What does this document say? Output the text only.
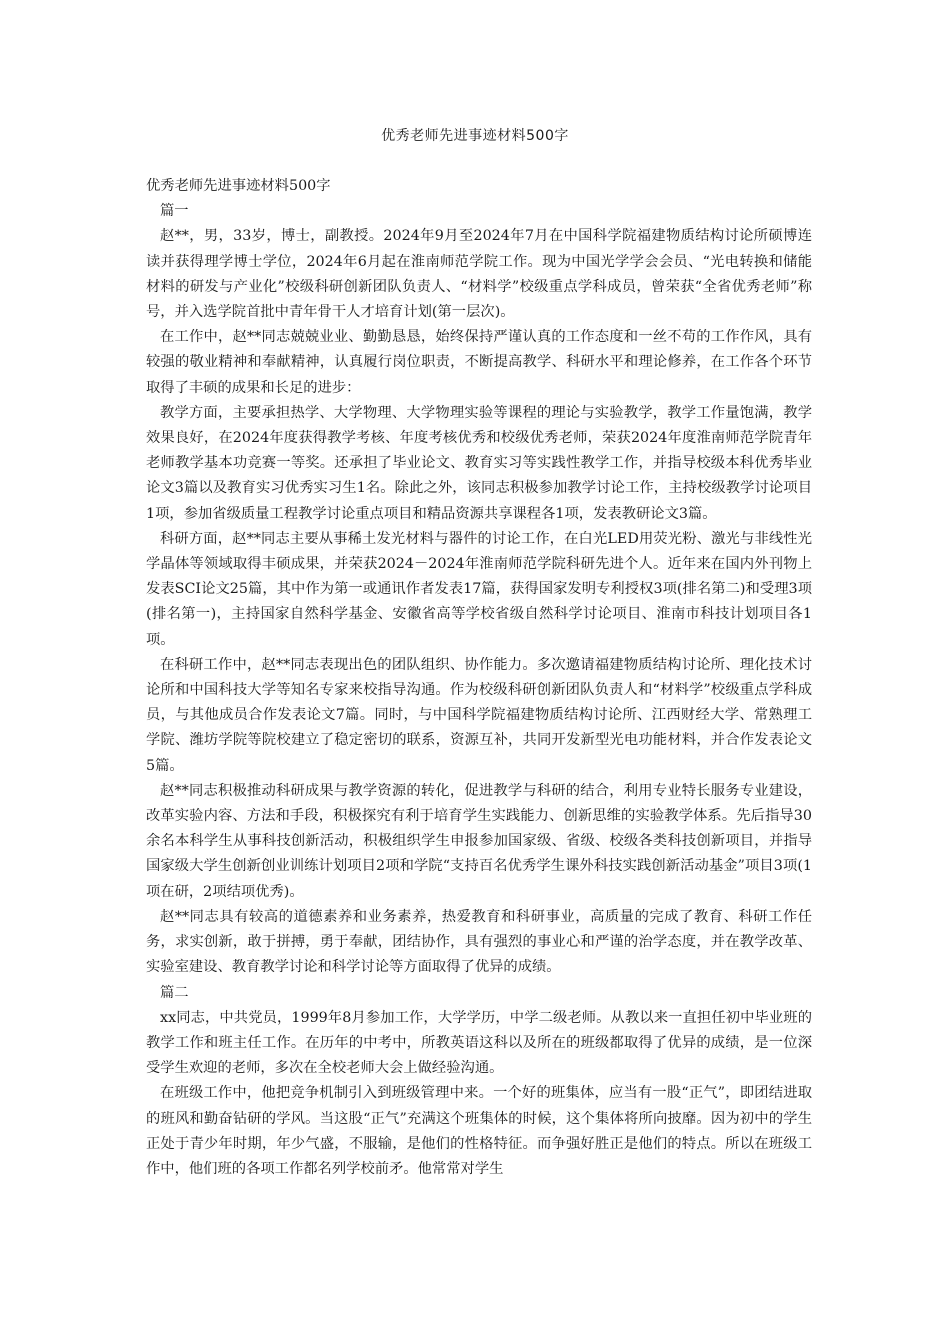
优秀老师先进事迹材料500字

优秀老师先进事迹材料500字

篇一

赵**，男，33岁，博士，副教授。2024年9月至2024年7月在中国科学院福建物质结构讨论所硕博连读并获得理学博士学位，2024年6月起在淮南师范学院工作。现为中国光学学会会员、“光电转换和储能材料的研发与产业化”校级科研创新团队负责人、“材料学”校级重点学科成员，曾荣获“全省优秀老师”称号，并入选学院首批中青年骨干人才培育计划(第一层次)。

在工作中，赵**同志兢兢业业、勤勤恳恳，始终保持严谨认真的工作态度和一丝不苟的工作作风，具有较强的敬业精神和奉献精神，认真履行岗位职责，不断提高教学、科研水平和理论修养，在工作各个环节取得了丰硕的成果和长足的进步：

教学方面，主要承担热学、大学物理、大学物理实验等课程的理论与实验教学，教学工作量饱满，教学效果良好，在2024年度获得教学考核、年度考核优秀和校级优秀老师，荣获2024年度淮南师范学院青年老师教学基本功竞赛一等奖。还承担了毕业论文、教育实习等实践性教学工作，并指导校级本科优秀毕业论文3篇以及教育实习优秀实习生1名。除此之外，该同志积极参加教学讨论工作，主持校级教学讨论项目1项，参加省级质量工程教学讨论重点项目和精品资源共享课程各1项，发表教研论文3篇。

科研方面，赵**同志主要从事稀土发光材料与器件的讨论工作，在白光LED用荧光粉、激光与非线性光学晶体等领域取得丰硕成果，并荣获2024－2024年淮南师范学院科研先进个人。近年来在国内外刊物上发表SCI论文25篇，其中作为第一或通讯作者发表17篇，获得国家发明专利授权3项(排名第二)和受理3项(排名第一)，主持国家自然科学基金、安徽省高等学校省级自然科学讨论项目、淮南市科技计划项目各1项。

在科研工作中，赵**同志表现出色的团队组织、协作能力。多次邀请福建物质结构讨论所、理化技术讨论所和中国科技大学等知名专家来校指导沟通。作为校级科研创新团队负责人和“材料学”校级重点学科成员，与其他成员合作发表论文7篇。同时，与中国科学院福建物质结构讨论所、江西财经大学、常熟理工学院、潍坊学院等院校建立了稳定密切的联系，资源互补，共同开发新型光电功能材料，并合作发表论文5篇。

赵**同志积极推动科研成果与教学资源的转化，促进教学与科研的结合，利用专业特长服务专业建设，改革实验内容、方法和手段，积极探究有利于培育学生实践能力、创新思维的实验教学体系。先后指导30余名本科学生从事科技创新活动，积极组织学生申报参加国家级、省级、校级各类科技创新项目，并指导国家级大学生创新创业训练计划项目2项和学院“支持百名优秀学生课外科技实践创新活动基金”项目3项(1项在研，2项结项优秀)。

赵**同志具有较高的道德素养和业务素养，热爱教育和科研事业，高质量的完成了教育、科研工作任务，求实创新，敢于拼搏，勇于奉献，团结协作，具有强烈的事业心和严谨的治学态度，并在教学改革、实验室建设、教育教学讨论和科学讨论等方面取得了优异的成绩。

篇二

xx同志，中共党员，1999年8月参加工作，大学学历，中学二级老师。从教以来一直担任初中毕业班的教学工作和班主任工作。在历年的中考中，所教英语这科以及所在的班级都取得了优异的成绩，是一位深受学生欢迎的老师，多次在全校老师大会上做经验沟通。

在班级工作中，他把竞争机制引入到班级管理中来。一个好的班集体，应当有一股“正气”，即团结进取的班风和勤奋钻研的学风。当这股“正气”充满这个班集体的时候，这个集体将所向披靡。因为初中的学生正处于青少年时期，年少气盛，不服输，是他们的性格特征。而争强好胜正是他们的特点。所以在班级工作中，他们班的各项工作都名列学校前矛。他常常对学生
